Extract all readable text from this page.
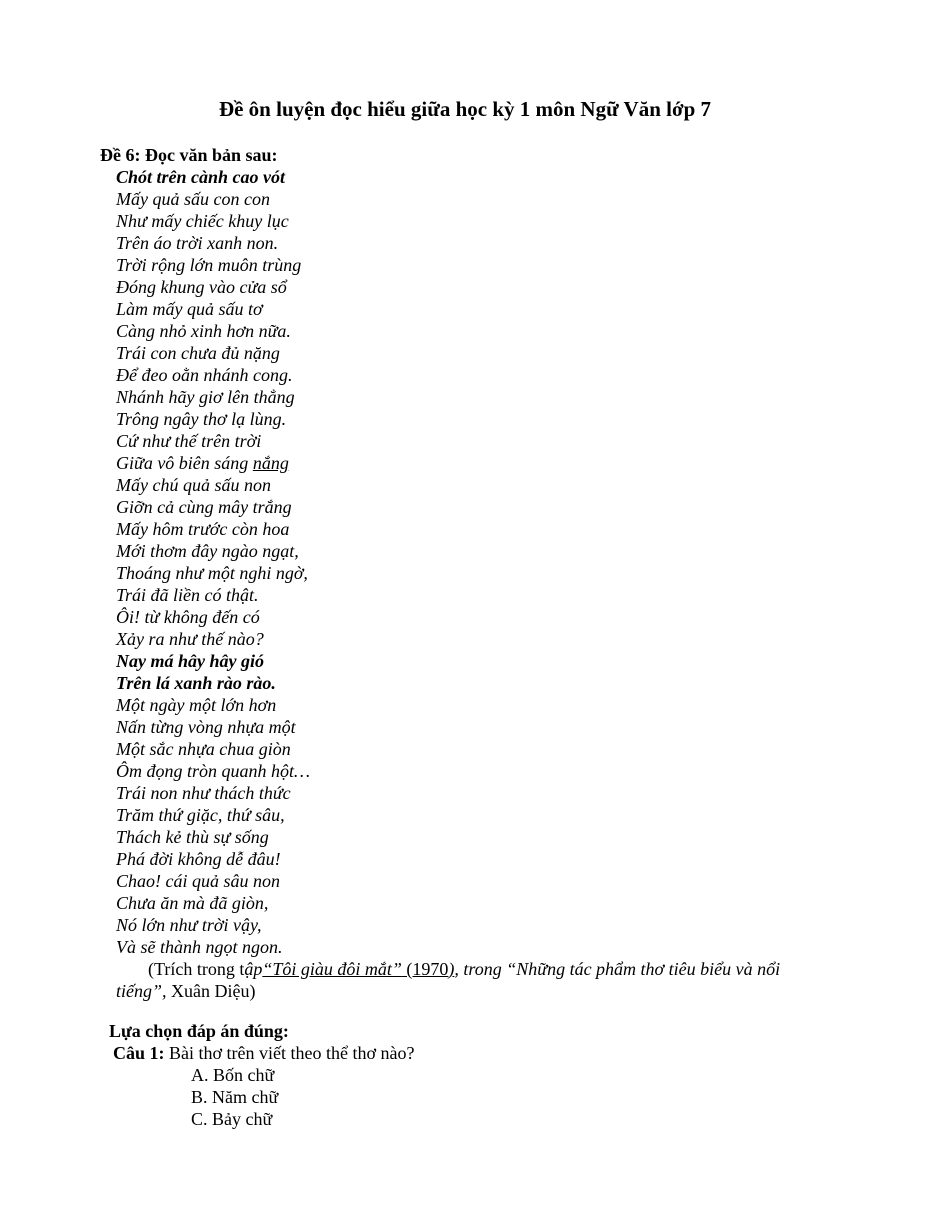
Đề ôn luyện đọc hiểu giữa học kỳ 1 môn Ngữ Văn lớp 7
Đề 6: Đọc văn bản sau:
Chót trên cành cao vót
Mấy quả sấu con con
Như mấy chiếc khuy lục
Trên áo trời xanh non.
Trời rộng lớn muôn trùng
Đóng khung vào cửa sổ
Làm mấy quả sấu tơ
Càng nhỏ xinh hơn nữa.
Trái con chưa đủ nặng
Để đeo oằn nhánh cong.
Nhánh hãy giơ lên thẳng
Trông ngây thơ lạ lùng.
Cứ như thế trên trời
Giữa vô biên sáng nắng
Mấy chú quả sấu non
Giỡn cả cùng mây trắng
Mấy hôm trước còn hoa
Mới thơm đây ngào ngạt,
Thoáng như một nghi ngờ,
Trái đã liền có thật.
Ôi! từ không đến có
Xảy ra như thế nào?
Nay má hây hây gió
Trên lá xanh rào rào.
Một ngày một lớn hơn
Nấn từng vòng nhựa một
Một sắc nhựa chua giòn
Ôm đọng tròn quanh hột…
Trái non như thách thức
Trăm thứ giặc, thứ sâu,
Thách kẻ thù sự sống
Phá đời không dễ đâu!
Chao! cái quả sâu non
Chưa ăn mà đã giòn,
Nó lớn như trời vậy,
Và sẽ thành ngọt ngon.
(Trích trong tập“Tôi giàu đôi mắt” (1970), trong “Những tác phẩm thơ tiêu biểu và nổi
tiếng”, Xuân Diệu)
Lựa chọn đáp án đúng:
Câu 1: Bài thơ trên viết theo thể thơ nào?
A. Bốn chữ
B. Năm chữ
C. Bảy chữ
